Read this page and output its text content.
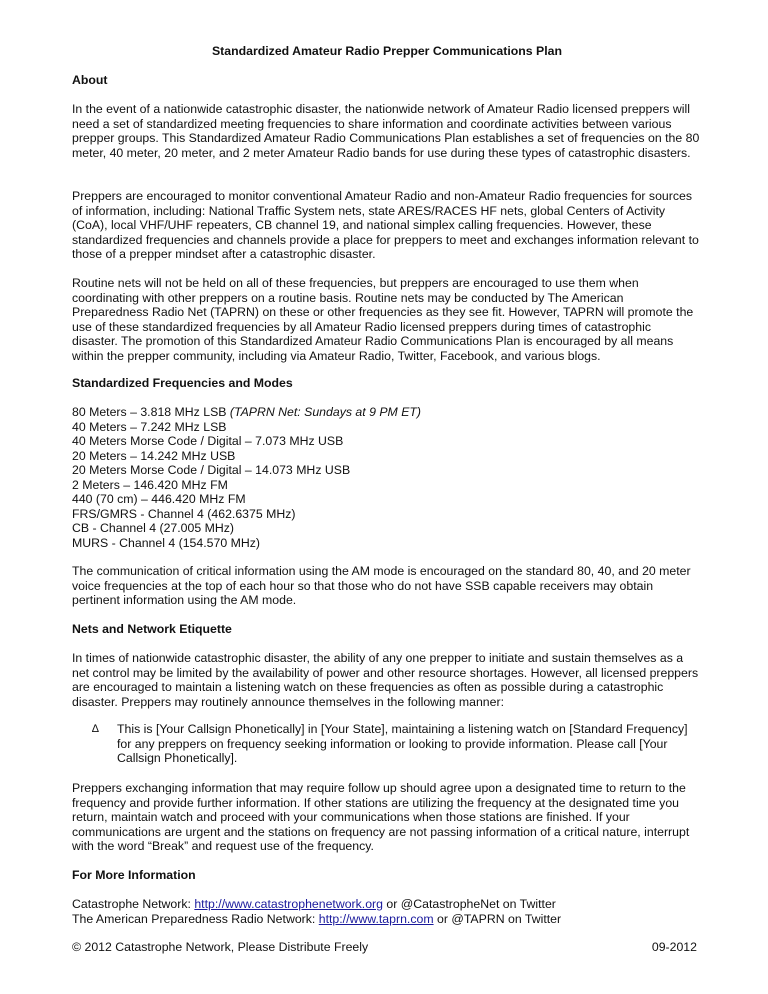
Standardized Amateur Radio Prepper Communications Plan
About
In the event of a nationwide catastrophic disaster, the nationwide network of Amateur Radio licensed preppers will need a set of standardized meeting frequencies to share information and coordinate activities between various prepper groups. This Standardized Amateur Radio Communications Plan establishes a set of frequencies on the 80 meter, 40 meter, 20 meter, and 2 meter Amateur Radio bands for use during these types of catastrophic disasters.
Preppers are encouraged to monitor conventional Amateur Radio and non-Amateur Radio frequencies for sources of information, including: National Traffic System nets, state ARES/RACES HF nets, global Centers of Activity (CoA), local VHF/UHF repeaters, CB channel 19, and national simplex calling frequencies. However, these standardized frequencies and channels provide a place for preppers to meet and exchanges information relevant to those of a prepper mindset after a catastrophic disaster.
Routine nets will not be held on all of these frequencies, but preppers are encouraged to use them when coordinating with other preppers on a routine basis. Routine nets may be conducted by The American Preparedness Radio Net (TAPRN) on these or other frequencies as they see fit. However, TAPRN will promote the use of these standardized frequencies by all Amateur Radio licensed preppers during times of catastrophic disaster. The promotion of this Standardized Amateur Radio Communications Plan is encouraged by all means within the prepper community, including via Amateur Radio, Twitter, Facebook, and various blogs.
Standardized Frequencies and Modes
80 Meters – 3.818 MHz LSB (TAPRN Net: Sundays at 9 PM ET)
40 Meters – 7.242 MHz LSB
40 Meters Morse Code / Digital – 7.073 MHz USB
20 Meters – 14.242 MHz USB
20 Meters Morse Code / Digital – 14.073 MHz USB
2 Meters – 146.420 MHz FM
440 (70 cm) – 446.420 MHz FM
FRS/GMRS - Channel 4 (462.6375 MHz)
CB - Channel 4 (27.005 MHz)
MURS - Channel 4 (154.570 MHz)
The communication of critical information using the AM mode is encouraged on the standard 80, 40, and 20 meter voice frequencies at the top of each hour so that those who do not have SSB capable receivers may obtain pertinent information using the AM mode.
Nets and Network Etiquette
In times of nationwide catastrophic disaster, the ability of any one prepper to initiate and sustain themselves as a net control may be limited by the availability of power and other resource shortages. However, all licensed preppers are encouraged to maintain a listening watch on these frequencies as often as possible during a catastrophic disaster. Preppers may routinely announce themselves in the following manner:
∆ This is [Your Callsign Phonetically] in [Your State], maintaining a listening watch on [Standard Frequency] for any preppers on frequency seeking information or looking to provide information. Please call [Your Callsign Phonetically].
Preppers exchanging information that may require follow up should agree upon a designated time to return to the frequency and provide further information. If other stations are utilizing the frequency at the designated time you return, maintain watch and proceed with your communications when those stations are finished. If your communications are urgent and the stations on frequency are not passing information of a critical nature, interrupt with the word “Break” and request use of the frequency.
For More Information
Catastrophe Network: http://www.catastrophenetwork.org or @CatastropheNet on Twitter
The American Preparedness Radio Network: http://www.taprn.com or @TAPRN on Twitter
© 2012 Catastrophe Network, Please Distribute Freely	09-2012
